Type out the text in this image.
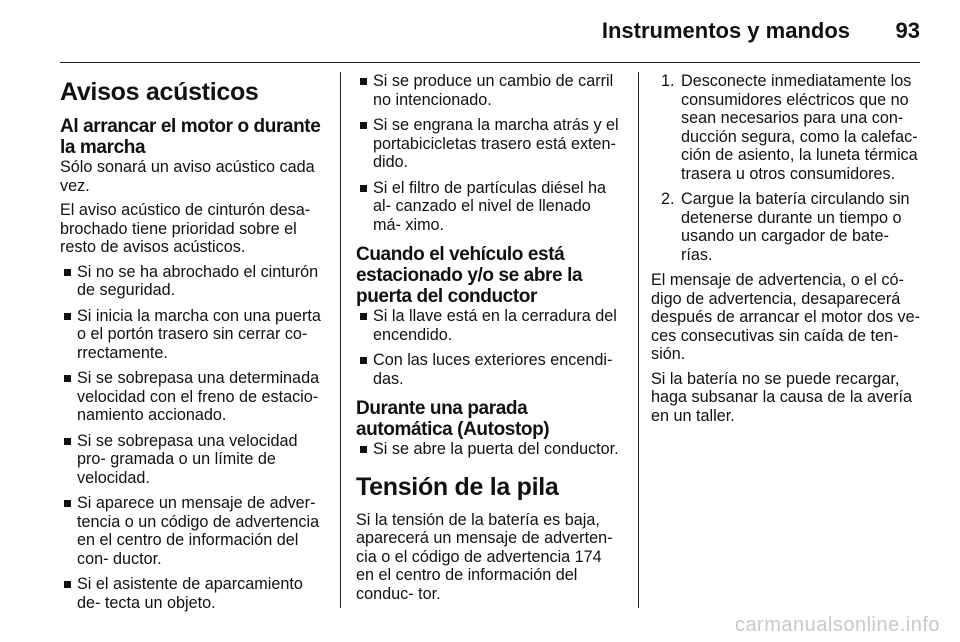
Instrumentos y mandos	93
Avisos acústicos
Al arrancar el motor o durante la marcha

Sólo sonará un aviso acústico cada vez.

El aviso acústico de cinturón desa- brochado tiene prioridad sobre el resto de avisos acústicos.

Si no se ha abrochado el cinturón de seguridad.
Si inicia la marcha con una puerta o el portón trasero sin cerrar co- rrectamente.
Si se sobrepasa una determinada velocidad con el freno de estacio- namiento accionado.
Si se sobrepasa una velocidad pro- gramada o un límite de velocidad.
Si aparece un mensaje de adver- tencia o un código de advertencia en el centro de información del con- ductor.
Si el asistente de aparcamiento de- tecta un objeto.
Si se produce un cambio de carril no intencionado.
Si se engrana la marcha atrás y el portabicicletas trasero está exten- dido.
Si el filtro de partículas diésel ha al- canzado el nivel de llenado má- ximo.
Cuando el vehículo está estacionado y/o se abre la puerta del conductor
Si la llave está en la cerradura del encendido.
Con las luces exteriores encendi- das.
Durante una parada automática (Autostop)
Si se abre la puerta del conductor.
Tensión de la pila

Si la tensión de la batería es baja, aparecerá un mensaje de adverten- cia o el código de advertencia 174 en el centro de información del conduc- tor.

1. Desconecte inmediatamente los consumidores eléctricos que no sean necesarios para una con- ducción segura, como la calefac- ción de asiento, la luneta térmica trasera u otros consumidores.
2. Cargue la batería circulando sin detenerse durante un tiempo o usando un cargador de bate- rías.

El mensaje de advertencia, o el có- digo de advertencia, desaparecerá después de arrancar el motor dos ve- ces consecutivas sin caída de ten- sión.

Si la batería no se puede recargar, haga subsanar la causa de la avería en un taller.

carmanualsonline.info
